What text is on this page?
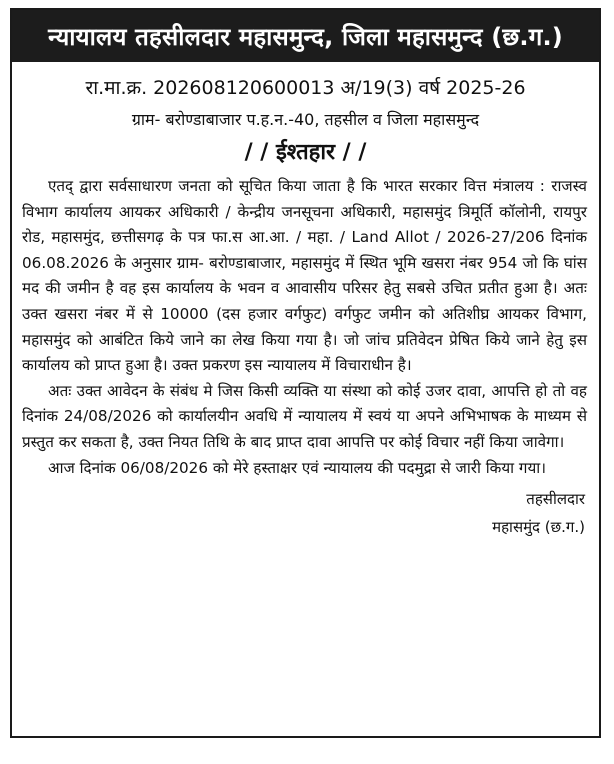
न्यायालय तहसीलदार महासमुन्द, जिला महासमुन्द (छ.ग.)
रा.मा.क्र. 202608120600013 अ/19(3) वर्ष 2025-26
ग्राम- बरोण्डाबाजार प.ह.न.-40, तहसील व जिला महासमुन्द
/ / ईश्तहार / /

एतद् द्वारा सर्वसाधारण जनता को सूचित किया जाता है कि भारत सरकार वित्त मंत्रालय : राजस्व विभाग कार्यालय आयकर अधिकारी / केन्द्रीय जनसूचना अधिकारी, महासमुंद त्रिमूर्ति कॉलोनी, रायपुर रोड, महासमुंद, छत्तीसगढ़ के पत्र फा.स आ.आ. / महा. / Land Allot / 2026-27/206 दिनांक 06.08.2026 के अनुसार ग्राम- बरोण्डाबाजार, महासमुंद में स्थित भूमि खसरा नंबर 954 जो कि घांस मद की जमीन है वह इस कार्यालय के भवन व आवासीय परिसर हेतु सबसे उचित प्रतीत हुआ है। अतः उक्त खसरा नंबर में से 10000 (दस हजार वर्गफुट) वर्गफुट जमीन को अतिशीघ्र आयकर विभाग, महासमुंद को आबंटित किये जाने का लेख किया गया है। जो जांच प्रतिवेदन प्रेषित किये जाने हेतु इस कार्यालय को प्राप्त हुआ है। उक्त प्रकरण इस न्यायालय में विचाराधीन है।

अतः उक्त आवेदन के संबंध मे जिस किसी व्यक्ति या संस्था को कोई उजर दावा, आपत्ति हो तो वह दिनांक 24/08/2026 को कार्यालयीन अवधि में न्यायालय में स्वयं या अपने अभिभाषक के माध्यम से प्रस्तुत कर सकता है, उक्त नियत तिथि के बाद प्राप्त दावा आपत्ति पर कोई विचार नहीं किया जावेगा।

आज दिनांक 06/08/2026 को मेरे हस्ताक्षर एवं न्यायालय की पदमुद्रा से जारी किया गया।

तहसीलदार
महासमुंद (छ.ग.)
